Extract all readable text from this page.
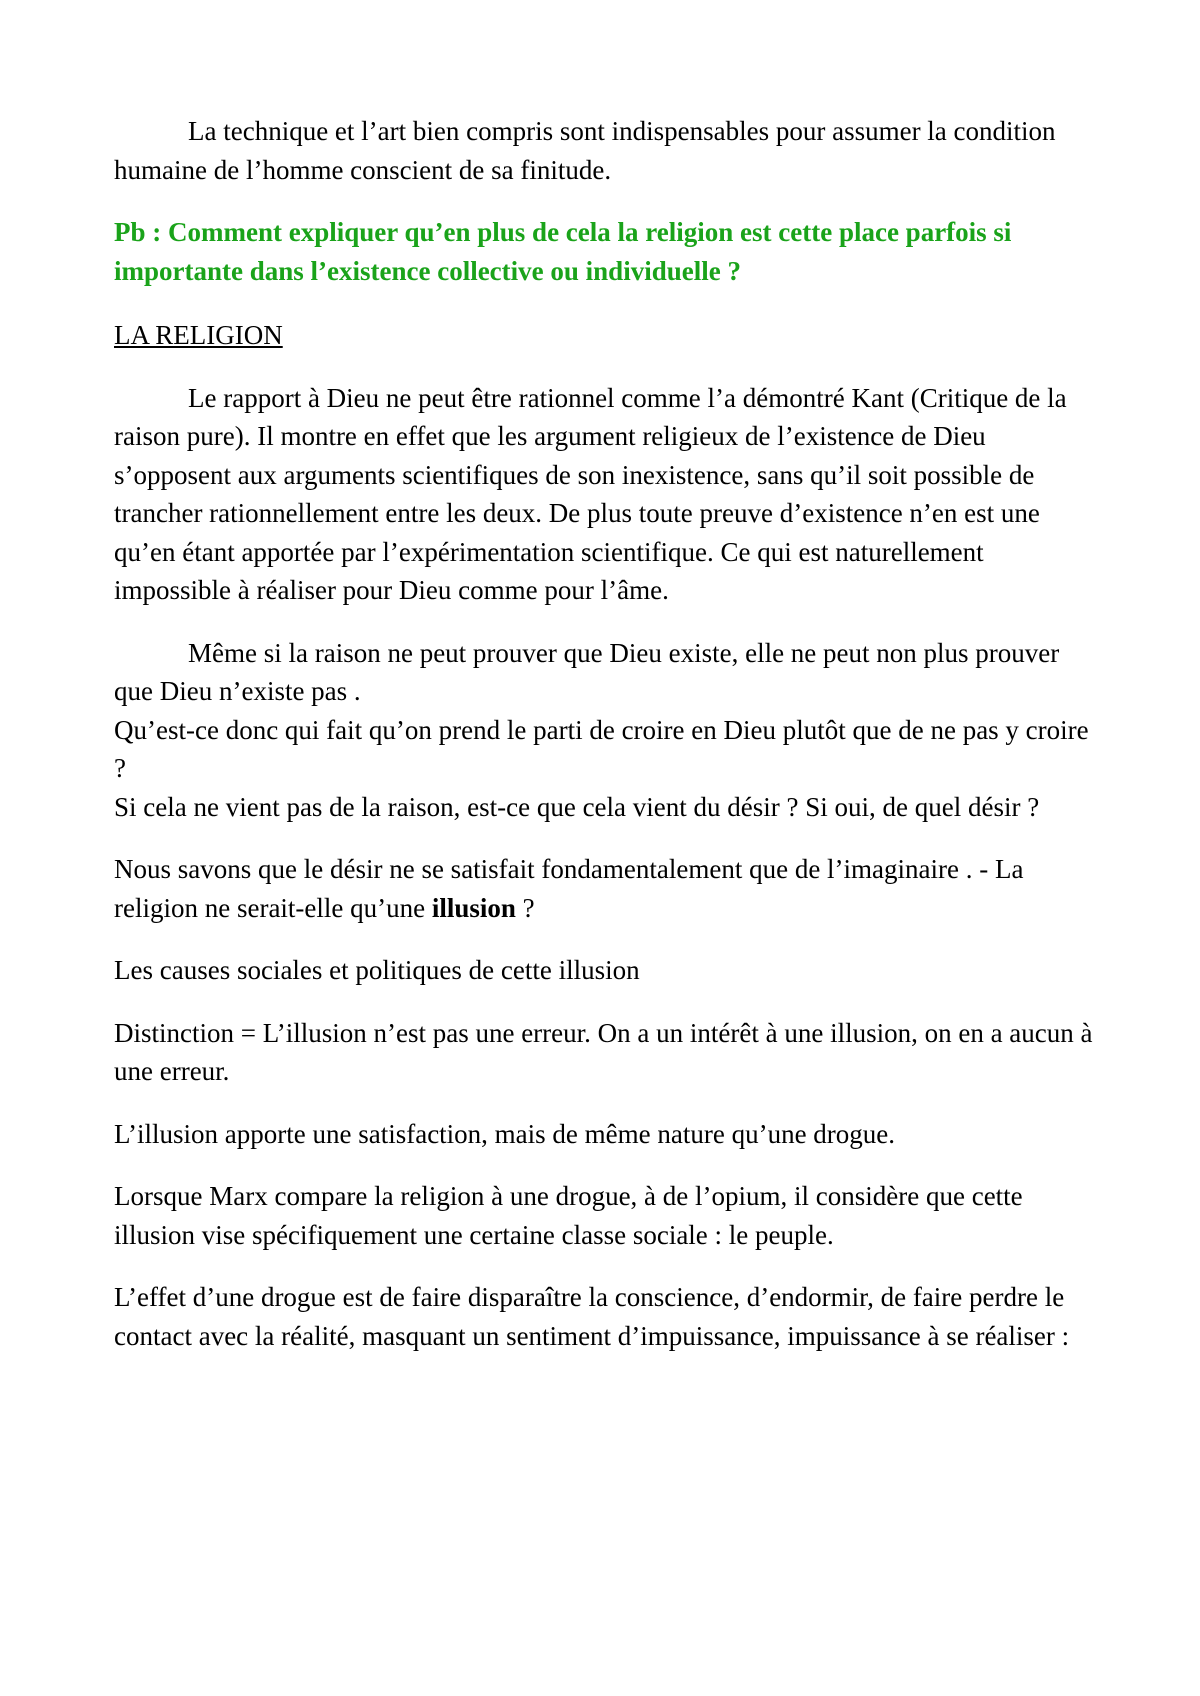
La technique et l’art bien compris sont indispensables pour assumer la condition humaine de l’homme conscient de sa finitude.

Pb : Comment expliquer qu’en plus de cela la religion est cette place parfois si importante dans l’existence collective ou individuelle ?

LA RELIGION

Le rapport à Dieu ne peut être rationnel comme l’a démontré Kant (Critique de la raison pure). Il montre en effet que les argument religieux de l’existence de Dieu s’opposent aux arguments scientifiques de son inexistence, sans qu’il soit possible de trancher rationnellement entre les deux. De plus toute preuve d’existence n’en est une qu’en étant apportée par l’expérimentation scientifique. Ce qui est naturellement impossible à réaliser pour Dieu comme pour l’âme.

Même si la raison ne peut prouver que Dieu existe, elle ne peut non plus prouver que Dieu n’existe pas .

Qu’est-ce donc qui fait qu’on prend le parti de croire en Dieu plutôt que de ne pas y croire ?

Si cela ne vient pas de la raison, est-ce que cela vient du désir ? Si oui, de quel désir ?

Nous savons que le désir ne se satisfait fondamentalement que de l’imaginaire . - La religion ne serait-elle qu’une illusion ?

Les causes sociales et politiques de cette illusion

Distinction = L’illusion n’est pas une erreur. On a un intérêt à une illusion, on en a aucun à une erreur.

L’illusion apporte une satisfaction, mais de même nature qu’une drogue.

Lorsque Marx compare la religion à une drogue, à de l’opium, il considère que cette illusion vise spécifiquement une certaine classe sociale : le peuple.

L’effet d’une drogue est de faire disparaître la conscience, d’endormir, de faire perdre le contact avec la réalité, masquant un sentiment d’impuissance, impuissance à se réaliser :
